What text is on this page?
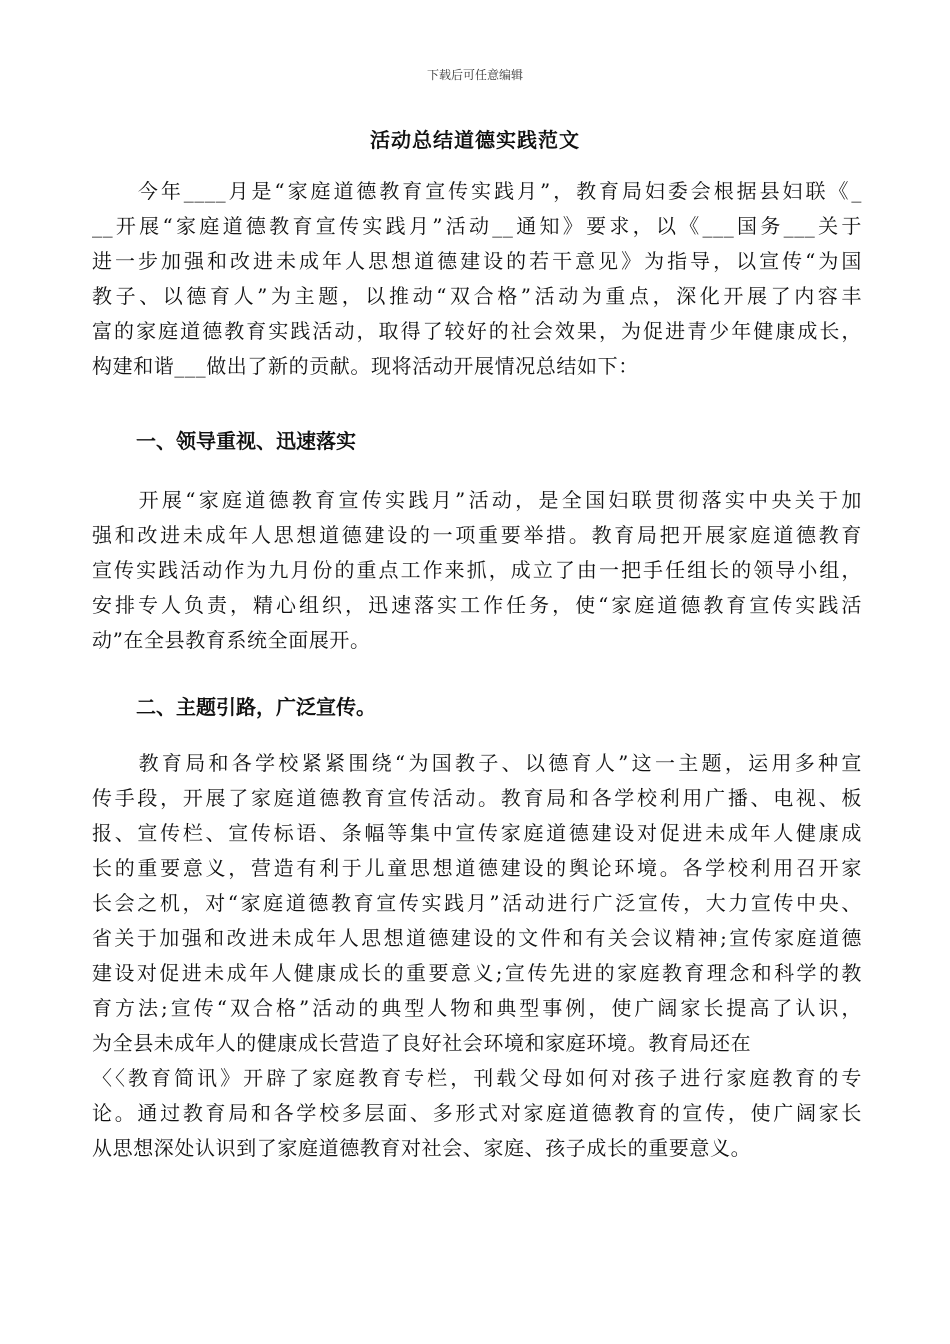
下载后可任意编辑
活动总结道德实践范文
　　今年____月是“家庭道德教育宣传实践月”，教育局妇委会根据县妇联《_
__开展“家庭道德教育宣传实践月”活动__通知》要求，以《___国务___关于
进一步加强和改进未成年人思想道德建设的若干意见》为指导，以宣传“为国
教子、以德育人”为主题，以推动“双合格”活动为重点，深化开展了内容丰
富的家庭道德教育实践活动，取得了较好的社会效果，为促进青少年健康成长，
构建和谐___做出了新的贡献。现将活动开展情况总结如下：
一、领导重视、迅速落实
　　开展“家庭道德教育宣传实践月”活动，是全国妇联贯彻落实中央关于加
强和改进未成年人思想道德建设的一项重要举措。教育局把开展家庭道德教育
宣传实践活动作为九月份的重点工作来抓，成立了由一把手任组长的领导小组，
安排专人负责，精心组织，迅速落实工作任务，使“家庭道德教育宣传实践活
动”在全县教育系统全面展开。
二、主题引路，广泛宣传。
　　教育局和各学校紧紧围绕“为国教子、以德育人”这一主题，运用多种宣
传手段，开展了家庭道德教育宣传活动。教育局和各学校利用广播、电视、板
报、宣传栏、宣传标语、条幅等集中宣传家庭道德建设对促进未成年人健康成
长的重要意义，营造有利于儿童思想道德建设的舆论环境。各学校利用召开家
长会之机，对“家庭道德教育宣传实践月”活动进行广泛宣传，大力宣传中央、
省关于加强和改进未成年人思想道德建设的文件和有关会议精神;宣传家庭道德
建设对促进未成年人健康成长的重要意义;宣传先进的家庭教育理念和科学的教
育方法;宣传“双合格”活动的典型人物和典型事例，使广阔家长提高了认识，
为全县未成年人的健康成长营造了良好社会环境和家庭环境。教育局还在
〈〈教育简讯》开辟了家庭教育专栏，刊载父母如何对孩子进行家庭教育的专
论。通过教育局和各学校多层面、多形式对家庭道德教育的宣传，使广阔家长
从思想深处认识到了家庭道德教育对社会、家庭、孩子成长的重要意义。
